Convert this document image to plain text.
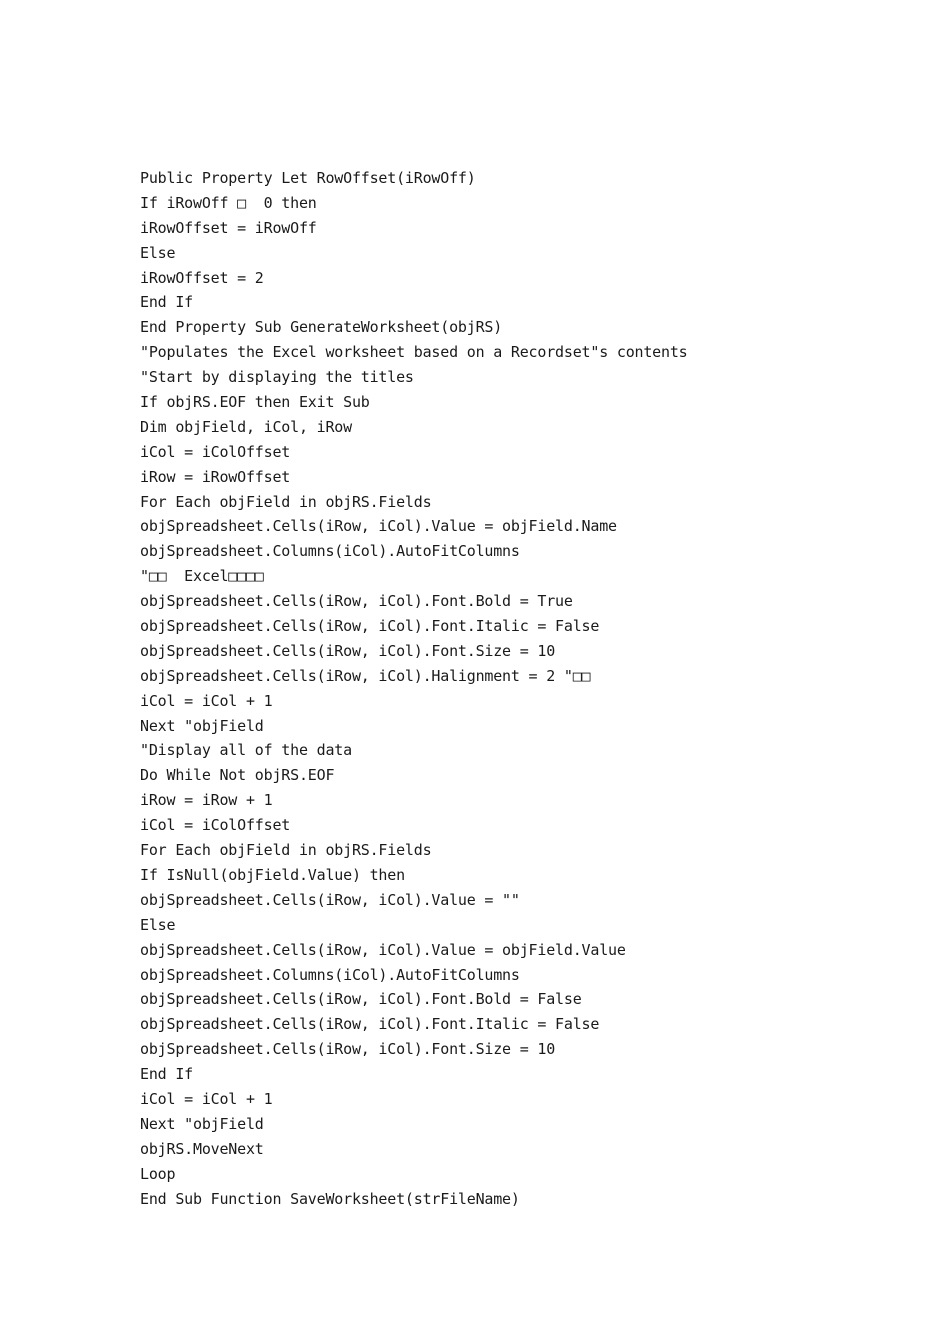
Public Property Let RowOffset(iRowOff)
If iRowOff □  0 then
iRowOffset = iRowOff
Else
iRowOffset = 2
End If
End Property Sub GenerateWorksheet(objRS)
"Populates the Excel worksheet based on a Recordset"s contents
"Start by displaying the titles
If objRS.EOF then Exit Sub
Dim objField, iCol, iRow
iCol = iColOffset
iRow = iRowOffset
For Each objField in objRS.Fields
objSpreadsheet.Cells(iRow, iCol).Value = objField.Name
objSpreadsheet.Columns(iCol).AutoFitColumns
"□□  Excel□□□□
objSpreadsheet.Cells(iRow, iCol).Font.Bold = True
objSpreadsheet.Cells(iRow, iCol).Font.Italic = False
objSpreadsheet.Cells(iRow, iCol).Font.Size = 10
objSpreadsheet.Cells(iRow, iCol).Halignment = 2 "□□
iCol = iCol + 1
Next "objField
"Display all of the data
Do While Not objRS.EOF
iRow = iRow + 1
iCol = iColOffset
For Each objField in objRS.Fields
If IsNull(objField.Value) then
objSpreadsheet.Cells(iRow, iCol).Value = ""
Else
objSpreadsheet.Cells(iRow, iCol).Value = objField.Value
objSpreadsheet.Columns(iCol).AutoFitColumns
objSpreadsheet.Cells(iRow, iCol).Font.Bold = False
objSpreadsheet.Cells(iRow, iCol).Font.Italic = False
objSpreadsheet.Cells(iRow, iCol).Font.Size = 10
End If
iCol = iCol + 1
Next "objField
objRS.MoveNext
Loop
End Sub Function SaveWorksheet(strFileName)
